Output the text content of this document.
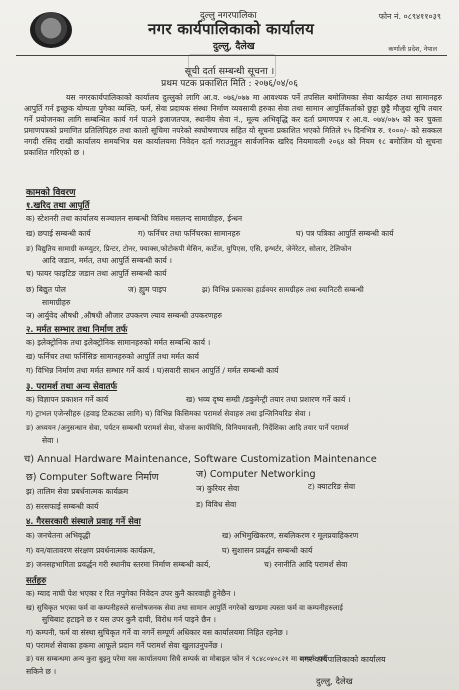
दुल्लु नगरपालिका
नगर कार्यपालिकाको कार्यालय
दुल्लु, दैलेख
फोन नं. ०८९४११०३९
कर्णाली प्रदेश, नेपाल
सूची दर्ता सम्बन्धी सूचना ।
प्रथम पटक प्रकाशित मिति : २०७६/०४/०६
यस नगरकार्यपालिकाको कार्यालय दुल्लुको लागि आ.व. ०७६/०७७ मा आवश्यक पर्ने तपसिल बमोजिमका सेवा कार्यहरु तथा सामानहरु आपुर्ति गर्न इच्छुक योग्यता पुगेका व्यक्ति, फर्म, सेवा प्रदायक संस्था निर्माण व्यवसायी हरुका सेवा तथा सामान आपुर्तिकर्ताको छुट्टा छुट्टै मौजुदा सूचि तयार गर्ने प्रयोजनका लागि सम्बन्धित कार्य गर्न पाउने इजाजतपत्र, स्थानीय सेवा नं., मूल्य अभिवृद्धि कर दर्ता प्रमाणपत्र र आ.व. ०७४/०७५ को कर चुक्ता प्रमाणपत्रको प्रमाणित प्रतिलिपिहरु तथा कालो सूचिमा नपरेको स्वघोषणापत्र सहित यो सूचना प्रकाशित भएको मितिले १५ दिनभित्र रु. १०००/- को सक्कल नगदी रसिद राखी कार्यालय समयभित्र यस कार्यालयमा निवेदन दर्ता गराउनुहुन सार्वजनिक खरिद नियमावली २०६४ को नियम १८ बमोजिम यो सूचना प्रकाशित गरिएको छ ।
कामको विवरण
१.खरिद तथा आपुर्ति
क) स्टेशनरी तथा कार्यालय सञ्चालन सम्बन्धी विविध मसलन्द सामाग्रीहरु, ईन्धन
ख) छपाई सम्बन्धी कार्य	ग) फर्निचर तथा फर्निचरका सामानहरु	घ) पत्र पत्रिका आपुर्ति सम्बन्धी कार्य
ङ) विद्युतिय सामाग्री कम्प्युटर, प्रिन्टर, टोनर, फ्याक्स,फोटोकपी मेसिन, कार्टेज, युपिएस, एसि, इन्भर्टर, जेनेरेटर, सोलार, टेलिफोन
आदि जडान, मर्मत, तथा आपुर्ति सम्बन्धी कार्य ।
च) फायर फाइटिङ जडान तथा आपुर्ति सम्बन्धी कार्य
छ) बिद्युत पोल	ज) ह्युम पाइप	झ) विभिन्न प्रकारका हार्डवयर सामग्रीहरु तथा स्यानिटरी सम्बन्धी
सामाग्रीहरु
ञ) आर्युवेद औषधी ,औषधी औजार उपकरण ल्याव सम्बन्धी उपकरणहरु
२. मर्मत सम्भार तथा निर्माण तर्फ
क) इलेक्ट्रोनिक तथा इलेक्ट्रोनिक सामानहरुको मर्मत सम्बन्धि कार्य ।
ख) फर्निचर तथा फर्निसिङ सामानहरुको आपुर्ति तथा मर्मत कार्य
ग) विभिन्न निर्माण तथा मर्मत सम्भार गर्ने कार्य । घ)सवारी साधन आपुर्ति / मर्मत सम्बन्धी कार्य
३. परामर्श तथा अन्य सेवातर्फ
क) विज्ञापन प्रकाशन गर्ने कार्य	ख) भव्य दृष्य सम्ग्री /डकुमेन्ट्री तयार तथा प्रशारण गर्ने कार्य ।
ग) ट्राभल एजेन्सीहरु (हवाइ टिकटका लागि) घ) विभिन्न किसिमका परामर्श सेवाहरु तथा इन्जिनियरिङ सेवा ।
ङ) अध्ययन /अनुसन्धान सेवा, पर्यटन सम्बन्धी परामर्श सेवा, योजना कार्यविधि, विनियमावली, निर्देशिका आदि तयार पार्ने परामर्श
सेवा ।
च) Annual Hardware Maintenance, Software Customization Maintenance
छ) Computer Software निर्माण	ज) Computer Networking
झ) तालिम सेवा प्रबर्धनात्मक कार्यक्रम	ञ) कुरियर सेवा	ट) क्याटरिङ सेवा
ठ) सरसफाई सम्बन्धी कार्य	ड) विविध सेवा
४. गैरसरकारी संस्थाले प्रवाह गर्ने सेवा
क) जनचेतना अभिवृद्धी	ख) अभिमुखिकरण, सबलिकरण र मूलप्रवाहिकरण
ग) वन/वातावरण संरक्षण प्रवर्धनात्मक कार्यक्रम,	घ) सुशासन प्रवर्द्धन सम्बन्धी कार्य
ङ) जनसहभागिता प्रवर्द्धन गरी स्थानीय स्तरमा निर्माण सम्बन्धी कार्य,	च) रनानीति आदि परामर्श सेवा
सर्तहरु
क) म्याद नाघी पेश भएका र रित नपुगेका निवेदन उपर कुनै कारवाही हुनेछैन ।
ख) सुचिकृत भएका फर्म वा कम्पनीहरुले सन्तोषजनक सेवा तथा सामान आपुर्ति नगरेको खण्डमा त्यस्ता फर्म वा कम्पनीहरुलाई
सुचिबाट हटाइने छ र यस उपर कुनै दावी, विरोध गर्न पाइने छैन ।
ग) कम्पनी, फर्म वा संस्था सुचिकृत गर्ने वा नगर्ने सम्पूर्ण अधिकार यस कार्यालयमा निहित रहनेछ ।
घ) परामर्श सेवाका हकमा आफूले प्रदान गर्ने परामर्श सेवा खुलाउनुपर्नेछ ।
ङ) यस सम्बन्धमा अन्य कुरा बुझ्नु परेमा यस कार्यालयमा सिधै सम्पर्क वा मोबाइल फोन नं ९८४८०४०८२१ मा सम्पर्क गर्न
सकिने छ ।
नगर कार्यपालिकाको कार्यालय
दुल्लु, दैलेख
